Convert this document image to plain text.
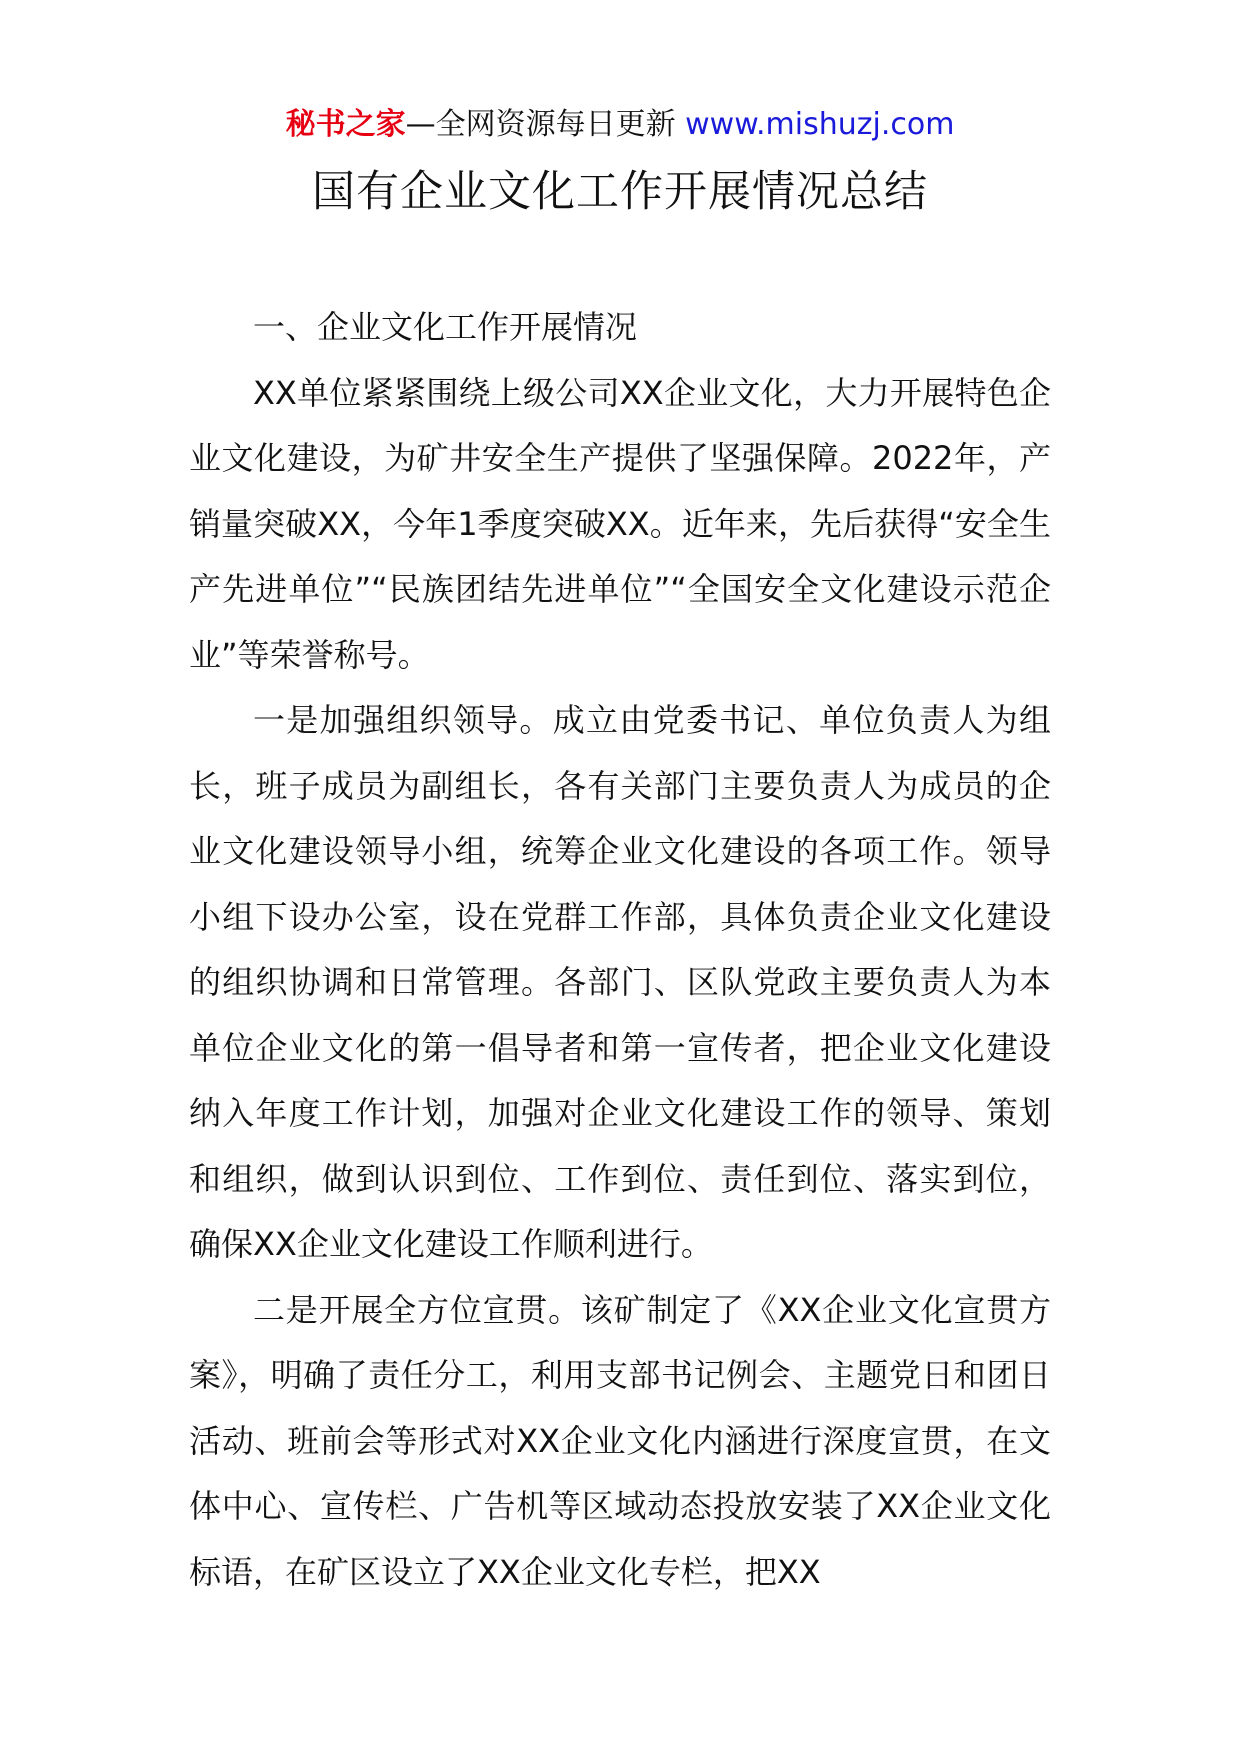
秘书之家—全网资源每日更新 www.mishuzj.com
国有企业文化工作开展情况总结

一、企业文化工作开展情况

XX单位紧紧围绕上级公司XX企业文化，大力开展特色企业文化建设，为矿井安全生产提供了坚强保障。2022年，产销量突破XX，今年1季度突破XX。近年来，先后获得“安全生产先进单位”“民族团结先进单位”“全国安全文化建设示范企业”等荣誉称号。

一是加强组织领导。成立由党委书记、单位负责人为组长，班子成员为副组长，各有关部门主要负责人为成员的企业文化建设领导小组，统筹企业文化建设的各项工作。领导小组下设办公室，设在党群工作部，具体负责企业文化建设的组织协调和日常管理。各部门、区队党政主要负责人为本单位企业文化的第一倡导者和第一宣传者，把企业文化建设纳入年度工作计划，加强对企业文化建设工作的领导、策划和组织，做到认识到位、工作到位、责任到位、落实到位，确保XX企业文化建设工作顺利进行。

二是开展全方位宣贯。该矿制定了《XX企业文化宣贯方案》，明确了责任分工，利用支部书记例会、主题党日和团日活动、班前会等形式对XX企业文化内涵进行深度宣贯，在文体中心、宣传栏、广告机等区域动态投放安装了XX企业文化标语，在矿区设立了XX企业文化专栏，把XX
